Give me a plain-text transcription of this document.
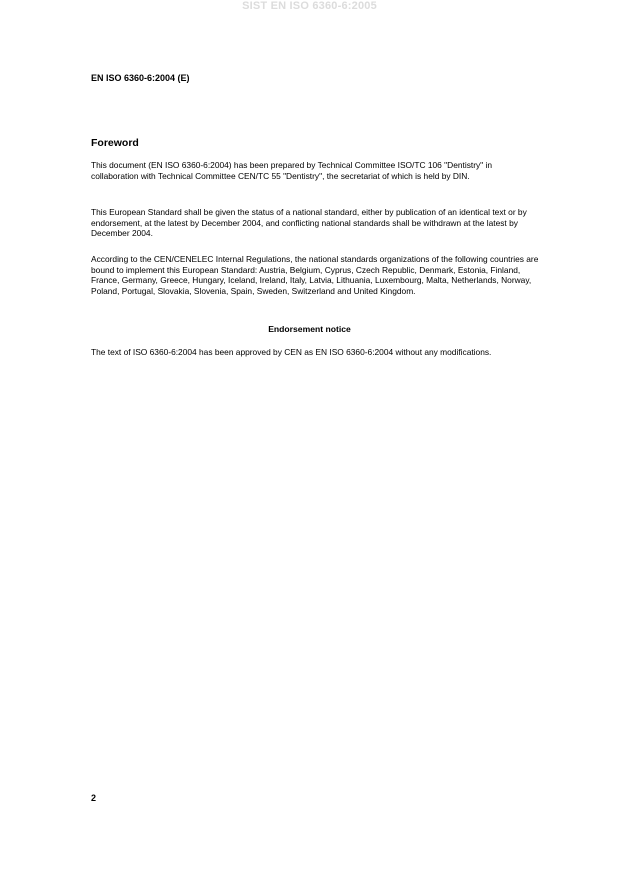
SIST EN ISO 6360-6:2005
EN ISO 6360-6:2004 (E)
Foreword

This document (EN ISO 6360-6:2004) has been prepared by Technical Committee ISO/TC 106 "Dentistry" in collaboration with Technical Committee CEN/TC 55 "Dentistry", the secretariat of which is held by DIN.

This European Standard shall be given the status of a national standard, either by publication of an identical text or by endorsement, at the latest by December 2004, and conflicting national standards shall be withdrawn at the latest by December 2004.

According to the CEN/CENELEC Internal Regulations, the national standards organizations of the following countries are bound to implement this European Standard: Austria, Belgium, Cyprus, Czech Republic, Denmark, Estonia, Finland, France, Germany, Greece, Hungary, Iceland, Ireland, Italy, Latvia, Lithuania, Luxembourg, Malta, Netherlands, Norway, Poland, Portugal, Slovakia, Slovenia, Spain, Sweden, Switzerland and United Kingdom.

Endorsement notice

The text of ISO 6360-6:2004 has been approved by CEN as EN ISO 6360-6:2004 without any modifications.

2
